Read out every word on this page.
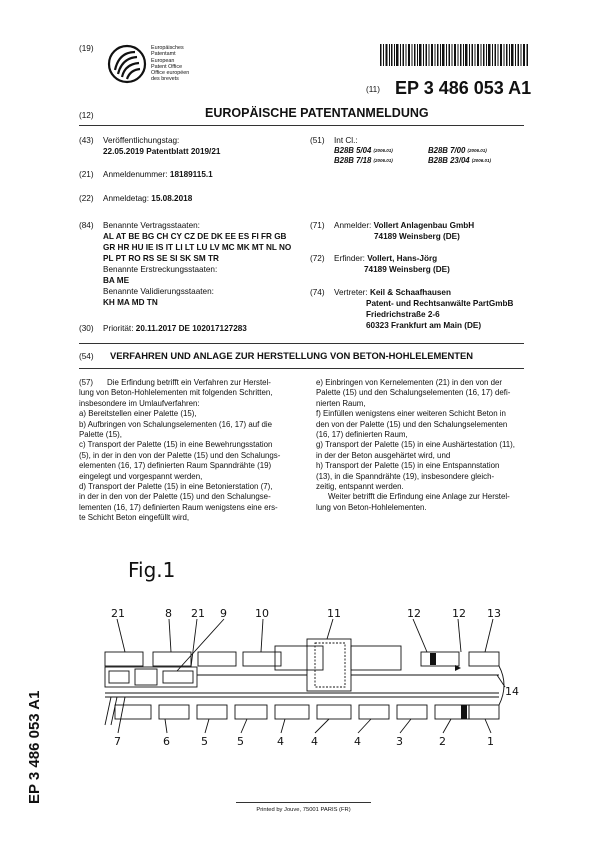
(19)	Europäisches
Patentamt
European
Patent Office
Office européen
des brevets
(11) EP 3 486 053 A1
(12)	EUROPÄISCHE PATENTANMELDUNG
(43) Veröffentlichungstag:
22.05.2019 Patentblatt 2019/21
(21) Anmeldenummer: 18189115.1
(22) Anmeldetag: 15.08.2018
(84) Benannte Vertragsstaaten:
AL AT BE BG CH CY CZ DE DK EE ES FI FR GB
GR HR HU IE IS IT LI LT LU LV MC MK MT NL NO
PL PT RO RS SE SI SK SM TR
Benannte Erstreckungsstaaten:
BA ME
Benannte Validierungsstaaten:
KH MA MD TN
(30) Priorität: 20.11.2017 DE 102017127283
(51) Int Cl.:
B28B 5/04 $^{(2006.01)}$	B28B 7/00 $^{(2006.01)}$
B28B 7/18 $^{(2006.01)}$	B28B 23/04 $^{(2006.01)}$
(71) Anmelder: Vollert Anlagenbau GmbH
74189 Weinsberg (DE)
(72) Erfinder: Vollert, Hans-Jörg
74189 Weinsberg (DE)
(74) Vertreter: Keil & Schaafhausen
Patent- und Rechtsanwälte PartGmbB
Friedrichstraße 2-6
60323 Frankfurt am Main (DE)
(54) VERFAHREN UND ANLAGE ZUR HERSTELLUNG VON BETON-HOHLELEMENTEN
(57) Die Erfindung betrifft ein Verfahren zur Herstel-
lung von Beton-Hohlelementen mit folgenden Schritten,
insbesondere im Umlaufverfahren:
a) Bereitstellen einer Palette (15),
b) Aufbringen von Schalungselementen (16, 17) auf die
Palette (15),
c) Transport der Palette (15) in eine Bewehrungsstation
(5), in der in den von der Palette (15) und den Schalungs-
elementen (16, 17) definierten Raum Spanndrähte (19)
eingelegt und vorgespannt werden,
d) Transport der Palette (15) in eine Betonierstation (7),
in der in den von der Palette (15) und den Schalungse-
lementen (16, 17) definierten Raum wenigstens eine ers-
te Schicht Beton eingefüllt wird,
e) Einbringen von Kernelementen (21) in den von der
Palette (15) und den Schalungselementen (16, 17) defi-
nierten Raum,
f) Einfüllen wenigstens einer weiteren Schicht Beton in
den von der Palette (15) und den Schalungselementen
(16, 17) definierten Raum,
g) Transport der Palette (15) in eine Aushärtestation (11),
in der der Beton ausgehärtet wird, und
h) Transport der Palette (15) in eine Entspannstation
(13), in die Spanndrähte (19), insbesondere gleich-
zeitig, entspannt werden.
Weiter betrifft die Erfindung eine Anlage zur Herstel-
lung von Beton-Hohlelementen.
EP 3 486 053 A1
Fig.1
21	8 21 9	10	11	12	12 13
14
7	6	5	5	4 4	4	3	2	1
Printed by Jouve, 75001 PARIS (FR)
